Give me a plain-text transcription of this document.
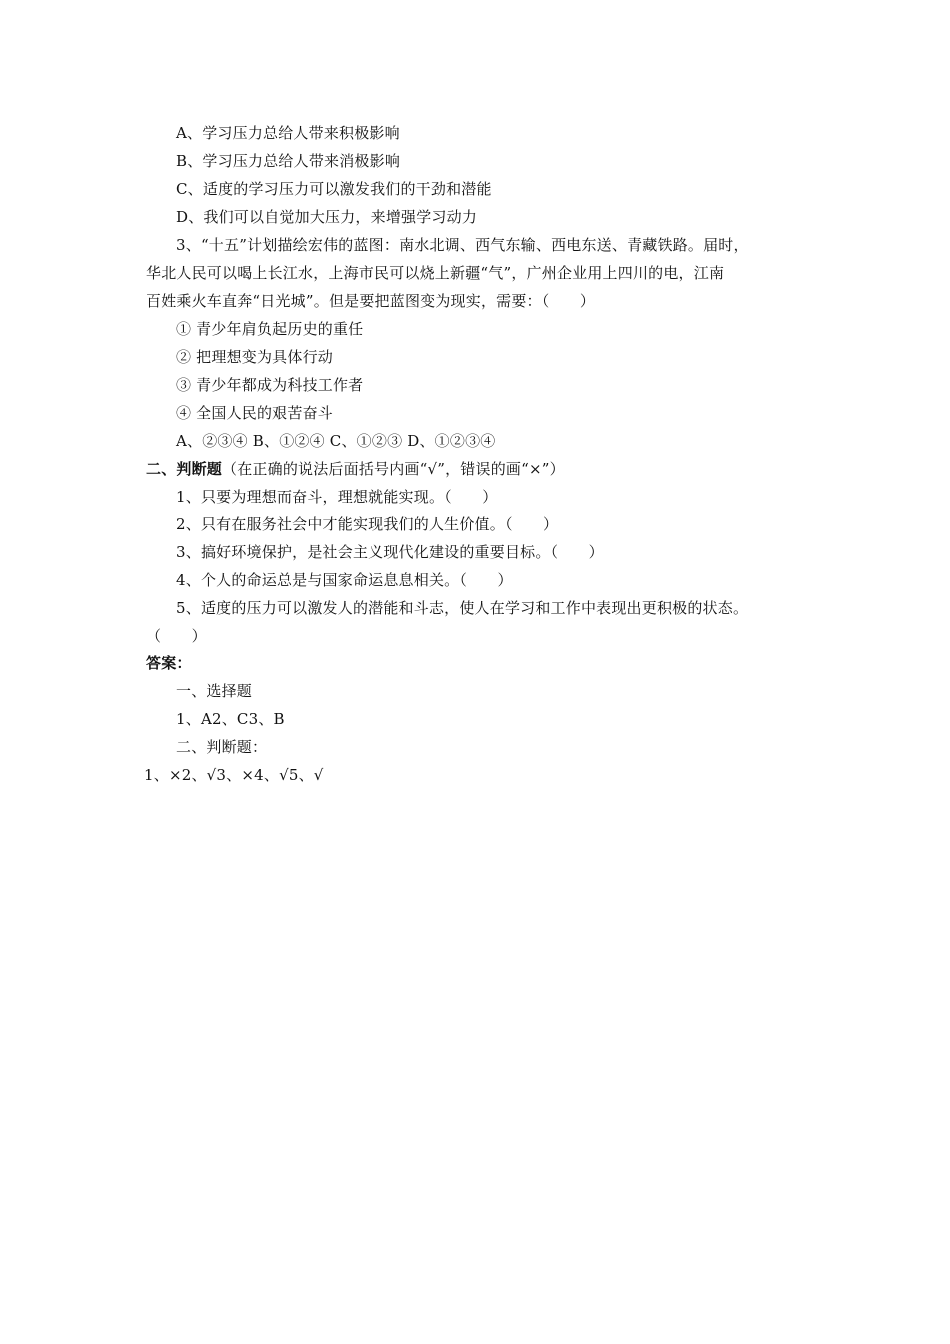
A、学习压力总给人带来积极影响
B、学习压力总给人带来消极影响
C、适度的学习压力可以激发我们的干劲和潜能
D、我们可以自觉加大压力，来增强学习动力
3、“十五”计划描绘宏伟的蓝图：南水北调、西气东输、西电东送、青藏铁路。届时，
华北人民可以喝上长江水，上海市民可以烧上新疆“气”，广州企业用上四川的电，江南
百姓乘火车直奔“日光城”。但是要把蓝图变为现实，需要：（　　）
① 青少年肩负起历史的重任
② 把理想变为具体行动
③ 青少年都成为科技工作者
④ 全国人民的艰苦奋斗
A、②③④ B、①②④ C、①②③ D、①②③④
二、判断题（在正确的说法后面括号内画“√”，错误的画“×”）
1、只要为理想而奋斗，理想就能实现。（　　）
2、只有在服务社会中才能实现我们的人生价值。（　　）
3、搞好环境保护，是社会主义现代化建设的重要目标。（　　）
4、个人的命运总是与国家命运息息相关。（　　）
5、适度的压力可以激发人的潜能和斗志，使人在学习和工作中表现出更积极的状态。
（　　）
答案：
一、选择题
1、A2、C3、B
二、判断题：
1、×2、√3、×4、√5、√
